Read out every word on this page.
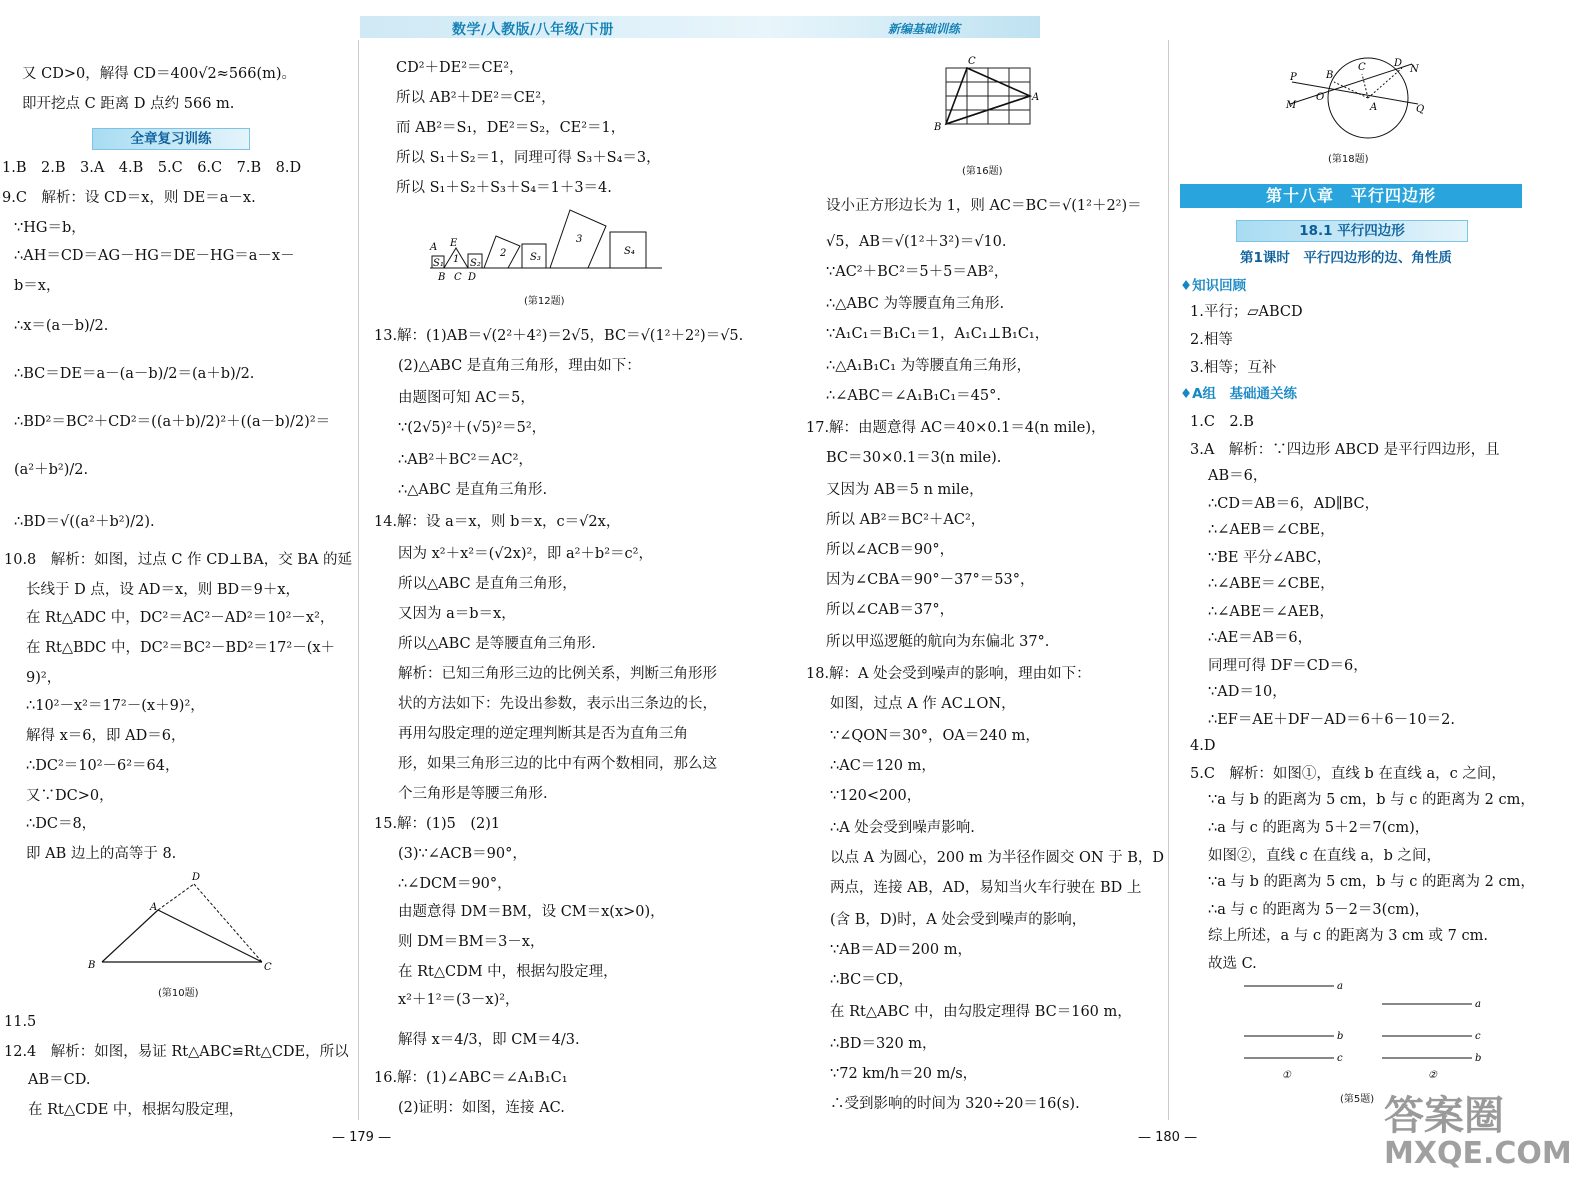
数学/人教版/八年级/下册	新编基础训练
又 CD>0，解得 CD＝400√2≈566(m)。
即开挖点 C 距离 D 点约 566 m.
全章复习训练
1.B　2.B　3.A　4.B　5.C　6.C　7.B　8.D
9.C　解析：设 CD＝x，则 DE＝a－x.
∵HG＝b，
∴AH＝CD＝AG－HG＝DE－HG＝a－x－
b＝x，
∴x＝(a－b)/2.
∴BC＝DE＝a－(a－b)/2＝(a＋b)/2.
∴BD²＝BC²＋CD²＝((a＋b)/2)²＋((a－b)/2)²＝
(a²＋b²)/2.
∴BD＝√((a²＋b²)/2).
10.8　解析：如图，过点 C 作 CD⊥BA，交 BA 的延
长线于 D 点，设 AD＝x，则 BD＝9＋x，
在 Rt△ADC 中，DC²＝AC²－AD²＝10²－x²，
在 Rt△BDC 中，DC²＝BC²－BD²＝17²－(x＋
9)²，
∴10²－x²＝17²－(x＋9)²，
解得 x＝6，即 AD＝6，
∴DC²＝10²－6²＝64，
又∵DC>0，
∴DC＝8，
即 AB 边上的高等于 8.
D
A
B	C
(第10题)
11.5
12.4　解析：如图，易证 Rt△ABC≌Rt△CDE，所以
AB＝CD.
在 Rt△CDE 中，根据勾股定理，
CD²＋DE²＝CE²，
所以 AB²＋DE²＝CE²，
而 AB²＝S₁，DE²＝S₂，CE²＝1，
所以 S₁＋S₂＝1，同理可得 S₃＋S₄＝3，
所以 S₁＋S₂＋S₃＋S₄＝1＋3＝4.
A
B
E
C D
S₁ 1 S₂
2 S₃
3
S₄
(第12题)
13.解：(1)AB＝√(2²＋4²)＝2√5，BC＝√(1²＋2²)＝√5.
(2)△ABC 是直角三角形，理由如下：
由题图可知 AC＝5，
∵(2√5)²＋(√5)²＝5²，
∴AB²＋BC²＝AC²，
∴△ABC 是直角三角形.
14.解：设 a＝x，则 b＝x，c＝√2x，
因为 x²＋x²＝(√2x)²，即 a²＋b²＝c²，
所以△ABC 是直角三角形，
又因为 a＝b＝x，
所以△ABC 是等腰直角三角形.
解析：已知三角形三边的比例关系，判断三角形形
状的方法如下：先设出参数，表示出三条边的长，
再用勾股定理的逆定理判断其是否为直角三角
形，如果三角形三边的比中有两个数相同，那么这
个三角形是等腰三角形.
15.解：(1)5　(2)1
(3)∵∠ACB＝90°，
∴∠DCM＝90°，
由题意得 DM＝BM，设 CM＝x(x>0)，
则 DM＝BM＝3－x，
在 Rt△CDM 中，根据勾股定理，
x²＋1²＝(3－x)²，
解得 x＝4/3，即 CM＝4/3.
16.解：(1)∠ABC＝∠A₁B₁C₁
(2)证明：如图，连接 AC.
C
A
B
(第16题)
设小正方形边长为 1，则 AC＝BC＝√(1²＋2²)＝
√5，AB＝√(1²＋3²)＝√10.
∵AC²＋BC²＝5＋5＝AB²，
∴△ABC 为等腰直角三角形.
∵A₁C₁＝B₁C₁＝1，A₁C₁⊥B₁C₁，
∴△A₁B₁C₁ 为等腰直角三角形，
∴∠ABC＝∠A₁B₁C₁＝45°.
17.解：由题意得 AC＝40×0.1＝4(n mile)，
BC＝30×0.1＝3(n mile).
又因为 AB＝5 n mile，
所以 AB²＝BC²＋AC²，
所以∠ACB＝90°，
因为∠CBA＝90°－37°＝53°，
所以∠CAB＝37°，
所以甲巡逻艇的航向为东偏北 37°.
18.解：A 处会受到噪声的影响，理由如下：
如图，过点 A 作 AC⊥ON，
∵∠QON＝30°，OA＝240 m，
∴AC＝120 m，
∵120<200，
∴A 处会受到噪声影响.
以点 A 为圆心，200 m 为半径作圆交 ON 于 B，D
两点，连接 AB，AD，易知当火车行驶在 BD 上
(含 B，D)时，A 处会受到噪声的影响，
∵AB＝AD＝200 m，
∴BC＝CD，
在 Rt△ABC 中，由勾股定理得 BC＝160 m，
∴BD＝320 m，
∵72 km/h＝20 m/s，
∴受到影响的时间为 320÷20＝16(s).
P	B
C	D
N
M
O
A	Q
(第18题)
第十八章　平行四边形
18.1 平行四边形
第1课时　平行四边形的边、角性质
♦知识回顾
1.平行；▱ABCD
2.相等
3.相等；互补
♦A组　基础通关练
1.C　2.B
3.A　解析：∵四边形 ABCD 是平行四边形，且
AB＝6，
∴CD＝AB＝6，AD∥BC，
∴∠AEB＝∠CBE，
∵BE 平分∠ABC，
∴∠ABE＝∠CBE，
∴∠ABE＝∠AEB，
∴AE＝AB＝6，
同理可得 DF＝CD＝6，
∵AD＝10，
∴EF＝AE＋DF－AD＝6＋6－10＝2.
4.D
5.C　解析：如图①，直线 b 在直线 a，c 之间，
∵a 与 b 的距离为 5 cm，b 与 c 的距离为 2 cm，
∴a 与 c 的距离为 5＋2＝7(cm)，
如图②，直线 c 在直线 a，b 之间，
∵a 与 b 的距离为 5 cm，b 与 c 的距离为 2 cm，
∴a 与 c 的距离为 5－2＝3(cm)，
综上所述，a 与 c 的距离为 3 cm 或 7 cm.
故选 C.
a
b
c
a
c
b
①	②
(第5题)
— 179 —	— 180 —	答案圈
MXQE.COM
